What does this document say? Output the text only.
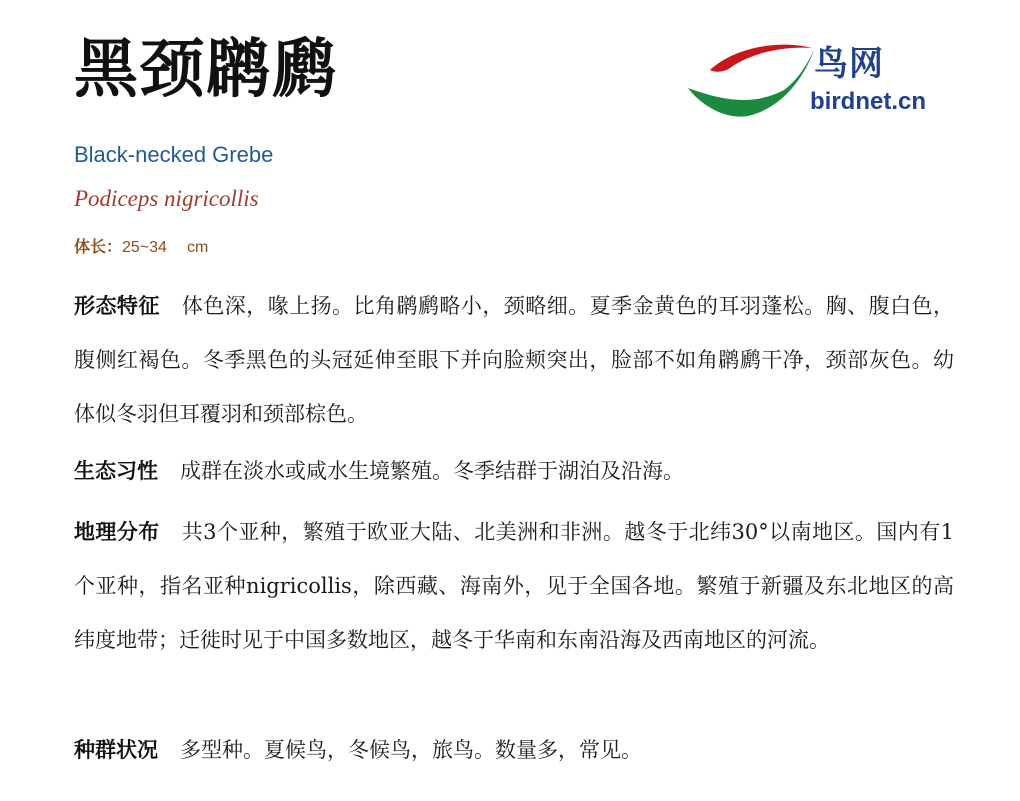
黑颈䴙䴘	鸟网
birdnet.cn
Black-necked Grebe
Podiceps nigricollis
体长：25~34 cm

形态特征 体色深，喙上扬。比角䴙䴘略小，颈略细。夏季金黄色的耳羽蓬松。胸、腹白色，腹侧红褐色。冬季黑色的头冠延伸至眼下并向脸颊突出，脸部不如角䴙䴘干净，颈部灰色。幼体似冬羽但耳覆羽和颈部棕色。

生态习性 成群在淡水或咸水生境繁殖。冬季结群于湖泊及沿海。

地理分布 共3个亚种，繁殖于欧亚大陆、北美洲和非洲。越冬于北纬30°以南地区。国内有1个亚种，指名亚种nigricollis，除西藏、海南外，见于全国各地。繁殖于新疆及东北地区的高纬度地带；迁徙时见于中国多数地区，越冬于华南和东南沿海及西南地区的河流。

种群状况 多型种。夏候鸟，冬候鸟，旅鸟。数量多，常见。
